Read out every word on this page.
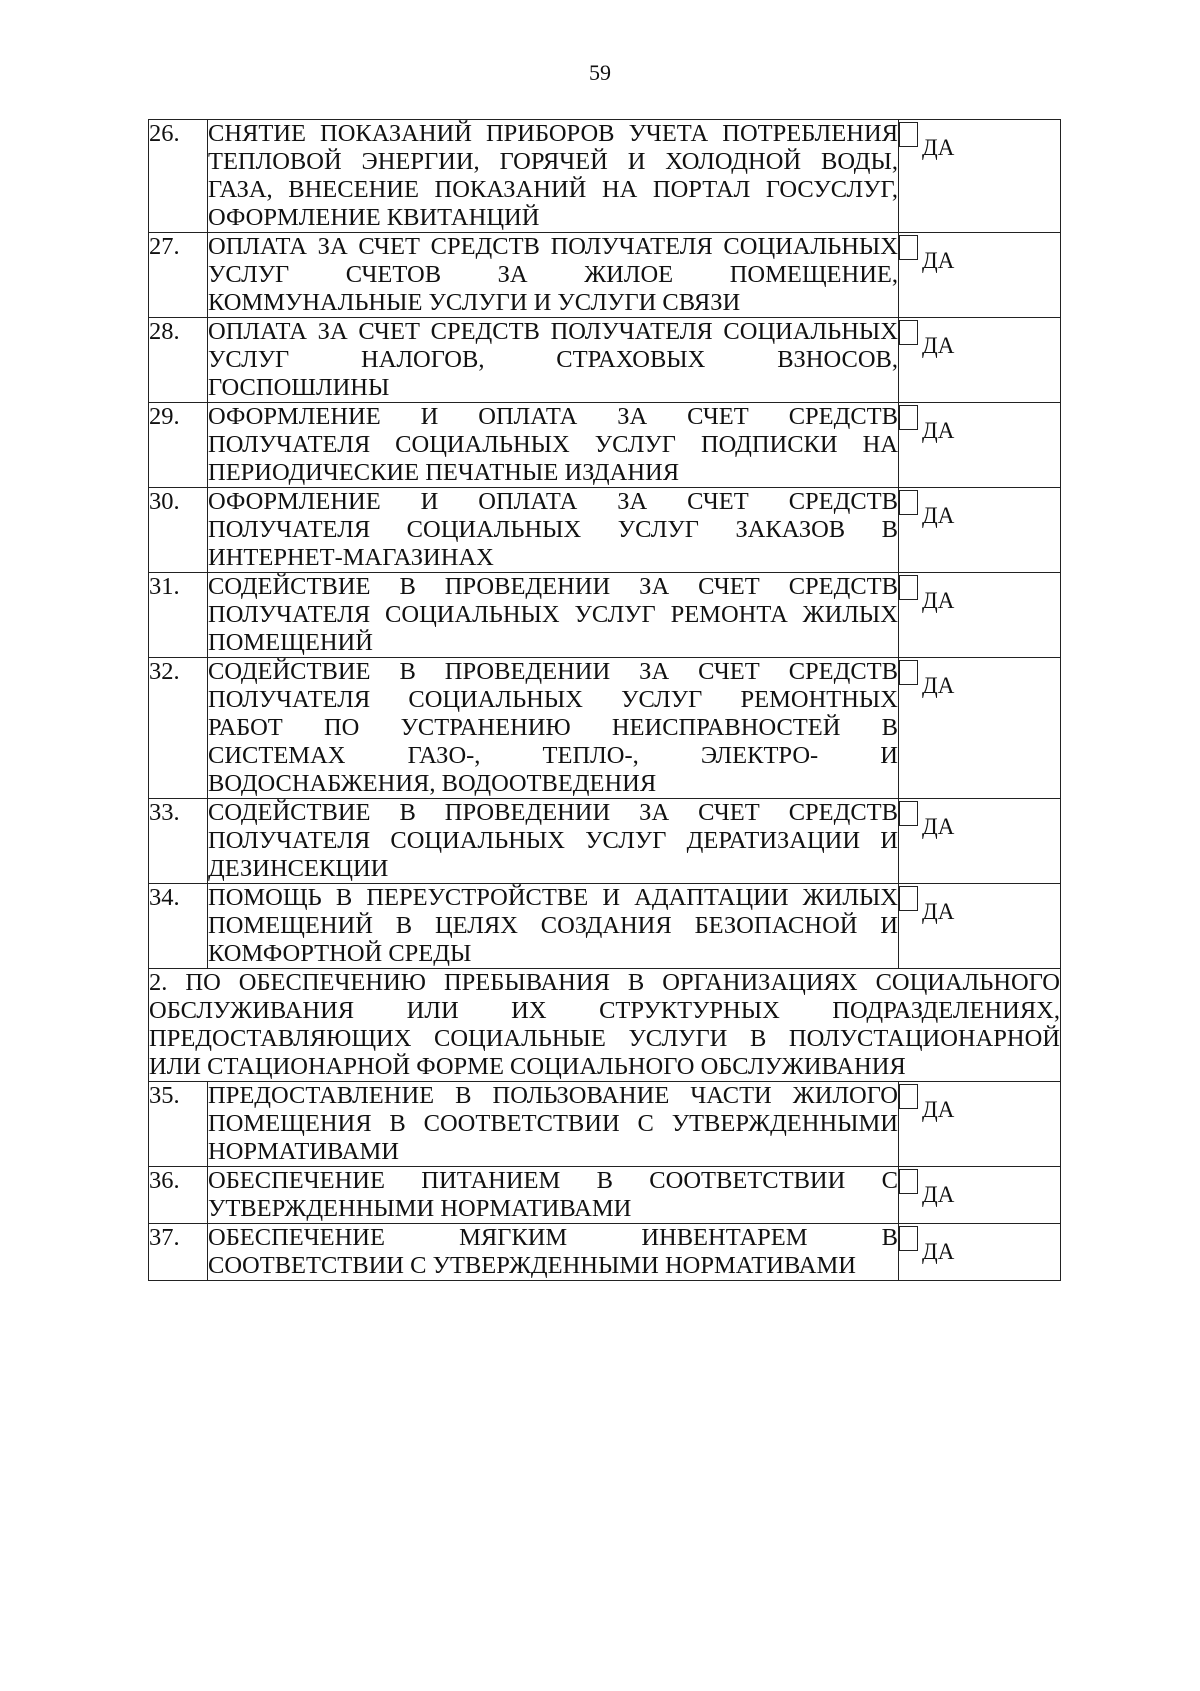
59
26.	СНЯТИЕ ПОКАЗАНИЙ ПРИБОРОВ УЧЕТА ПОТРЕБЛЕНИЯ
ТЕПЛОВОЙ ЭНЕРГИИ, ГОРЯЧЕЙ И ХОЛОДНОЙ ВОДЫ,
ГАЗА, ВНЕСЕНИЕ ПОКАЗАНИЙ НА ПОРТАЛ ГОСУСЛУГ,
ОФОРМЛЕНИЕ КВИТАНЦИЙ	ДА
27.	ОПЛАТА ЗА СЧЕТ СРЕДСТВ ПОЛУЧАТЕЛЯ СОЦИАЛЬНЫХ
УСЛУГ СЧЕТОВ ЗА ЖИЛОЕ ПОМЕЩЕНИЕ,
КОММУНАЛЬНЫЕ УСЛУГИ И УСЛУГИ СВЯЗИ	ДА
28.	ОПЛАТА ЗА СЧЕТ СРЕДСТВ ПОЛУЧАТЕЛЯ СОЦИАЛЬНЫХ
УСЛУГ НАЛОГОВ, СТРАХОВЫХ ВЗНОСОВ,
ГОСПОШЛИНЫ	ДА
29.	ОФОРМЛЕНИЕ И ОПЛАТА ЗА СЧЕТ СРЕДСТВ
ПОЛУЧАТЕЛЯ СОЦИАЛЬНЫХ УСЛУГ ПОДПИСКИ НА
ПЕРИОДИЧЕСКИЕ ПЕЧАТНЫЕ ИЗДАНИЯ	ДА
30.	ОФОРМЛЕНИЕ И ОПЛАТА ЗА СЧЕТ СРЕДСТВ
ПОЛУЧАТЕЛЯ СОЦИАЛЬНЫХ УСЛУГ ЗАКАЗОВ В
ИНТЕРНЕТ-МАГАЗИНАХ	ДА
31.	СОДЕЙСТВИЕ В ПРОВЕДЕНИИ ЗА СЧЕТ СРЕДСТВ
ПОЛУЧАТЕЛЯ СОЦИАЛЬНЫХ УСЛУГ РЕМОНТА ЖИЛЫХ
ПОМЕЩЕНИЙ	ДА
32.	СОДЕЙСТВИЕ В ПРОВЕДЕНИИ ЗА СЧЕТ СРЕДСТВ
ПОЛУЧАТЕЛЯ СОЦИАЛЬНЫХ УСЛУГ РЕМОНТНЫХ
РАБОТ ПО УСТРАНЕНИЮ НЕИСПРАВНОСТЕЙ В
СИСТЕМАХ ГАЗО-, ТЕПЛО-, ЭЛЕКТРО- И
ВОДОСНАБЖЕНИЯ, ВОДООТВЕДЕНИЯ	ДА
33.	СОДЕЙСТВИЕ В ПРОВЕДЕНИИ ЗА СЧЕТ СРЕДСТВ
ПОЛУЧАТЕЛЯ СОЦИАЛЬНЫХ УСЛУГ ДЕРАТИЗАЦИИ И
ДЕЗИНСЕКЦИИ	ДА
34.	ПОМОЩЬ В ПЕРЕУСТРОЙСТВЕ И АДАПТАЦИИ ЖИЛЫХ
ПОМЕЩЕНИЙ В ЦЕЛЯХ СОЗДАНИЯ БЕЗОПАСНОЙ И
КОМФОРТНОЙ СРЕДЫ	ДА

2. ПО ОБЕСПЕЧЕНИЮ ПРЕБЫВАНИЯ В ОРГАНИЗАЦИЯХ СОЦИАЛЬНОГО
ОБСЛУЖИВАНИЯ ИЛИ ИХ СТРУКТУРНЫХ ПОДРАЗДЕЛЕНИЯХ,
ПРЕДОСТАВЛЯЮЩИХ СОЦИАЛЬНЫЕ УСЛУГИ В ПОЛУСТАЦИОНАРНОЙ
ИЛИ СТАЦИОНАРНОЙ ФОРМЕ СОЦИАЛЬНОГО ОБСЛУЖИВАНИЯ		

35.	ПРЕДОСТАВЛЕНИЕ В ПОЛЬЗОВАНИЕ ЧАСТИ ЖИЛОГО
ПОМЕЩЕНИЯ В СООТВЕТСТВИИ С УТВЕРЖДЕННЫМИ
НОРМАТИВАМИ	ДА
36.	ОБЕСПЕЧЕНИЕ ПИТАНИЕМ В СООТВЕТСТВИИ С
УТВЕРЖДЕННЫМИ НОРМАТИВАМИ	ДА
37.	ОБЕСПЕЧЕНИЕ МЯГКИМ ИНВЕНТАРЕМ В
СООТВЕТСТВИИ С УТВЕРЖДЕННЫМИ НОРМАТИВАМИ	ДА
